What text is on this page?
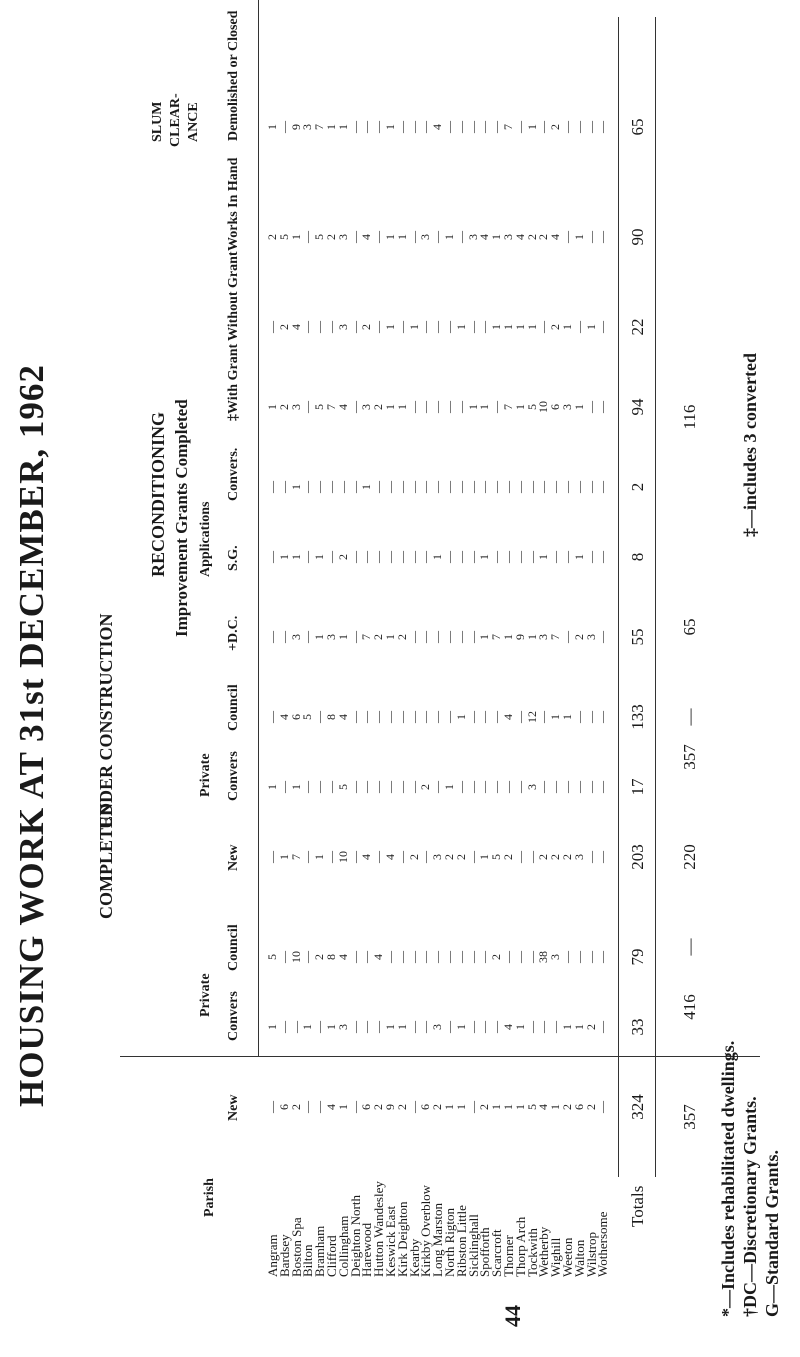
HOUSING WORK AT 31st DECEMBER, 1962	COMPLETED
UNDER CONSTRUCTION
RECONDITIONING Improvement Grants Completed
SLUM CLEAR- ANCE
Parish
Private
Private
Applications
New
Convers
Council
New
Convers
Council
+D.C.
S.G.
Convers.
‡With Grant
Without Grant
Works In Hand
Demolished or Closed
Angram
—
1
5
—
1
—
—
—
—
1
—
2
1
Bardsey
6
—
—
1
—
4
—
1
—
2
2
5
—
Boston Spa
2
—
10
7
1
6
3
1
1
3
4
1
9
Bilton
—
1
—
—
—
5
—
—
—
—
—
—
3
Bramham
—
—
2
1
—
—
1
1
—
5
—
5
7
Clifford
4
1
8
—
—
8
3
—
—
7
—
2
1
Collingham
1
3
4
10
5
4
1
2
—
4
3
3
1
Deighton North
—
—
—
—
—
—
—
—
—
—
—
—
—
Harewood
6
—
—
4
—
—
7
—
1
3
2
4
—
Hutton Wandesley
2
—
4
—
—
—
2
—
—
2
—
—
—
Keswick East
9
1
—
4
—
—
1
—
—
1
1
1
1
Kirk Deighton
2
1
—
—
—
—
2
—
—
1
—
1
—
Kearby
—
—
—
2
—
—
—
—
—
—
1
—
—
Kirkby Overblow
6
—
—
—
2
—
—
—
—
—
—
3
—
Long Marston
2
3
—
3
—
—
—
1
—
—
—
—
4
North Rigton
1
—
—
2
1
—
—
—
—
—
—
1
—
Ribston Little
1
1
—
2
—
1
—
—
—
—
1
—
—
Sicklinghall
—
—
—
—
—
—
—
—
—
1
—
3
—
Spofforth
2
—
—
1
—
—
1
1
—
1
—
4
—
Scarcroft
1
—
2
5
—
—
7
—
—
—
1
1
—
Thorner
1
4
—
2
—
4
1
—
—
7
1
3
7
Thorp Arch
1
1
—
—
—
—
9
—
—
1
1
4
—
Tockwith
5
—
—
—
3
12
1
—
—
5
1
2
1
Wetherby
4
—
38
2
—
—
3
1
—
10
—
2
—
Wighill
1
—
3
2
—
1
7
—
—
6
2
4
2
Weeton
2
1
—
2
—
1
—
—
—
3
1
—
—
Walton
6
1
—
3
—
—
2
1
—
1
—
1
—
Wilstrop
2
2
—
—
—
—
3
—
—
—
1
—
—
Wothersome
—
—
—
—
—
—
—
—
—
—
—
—
—
Totals
324
33
79
203
17
133
55
8
2
94
22
90
65
357
416
—
220
357
—
65
116
*—Includes rehabilitated dwellings. †DC—Discretionary Grants. G—Standard Grants.
‡—includes 3 converted
44
